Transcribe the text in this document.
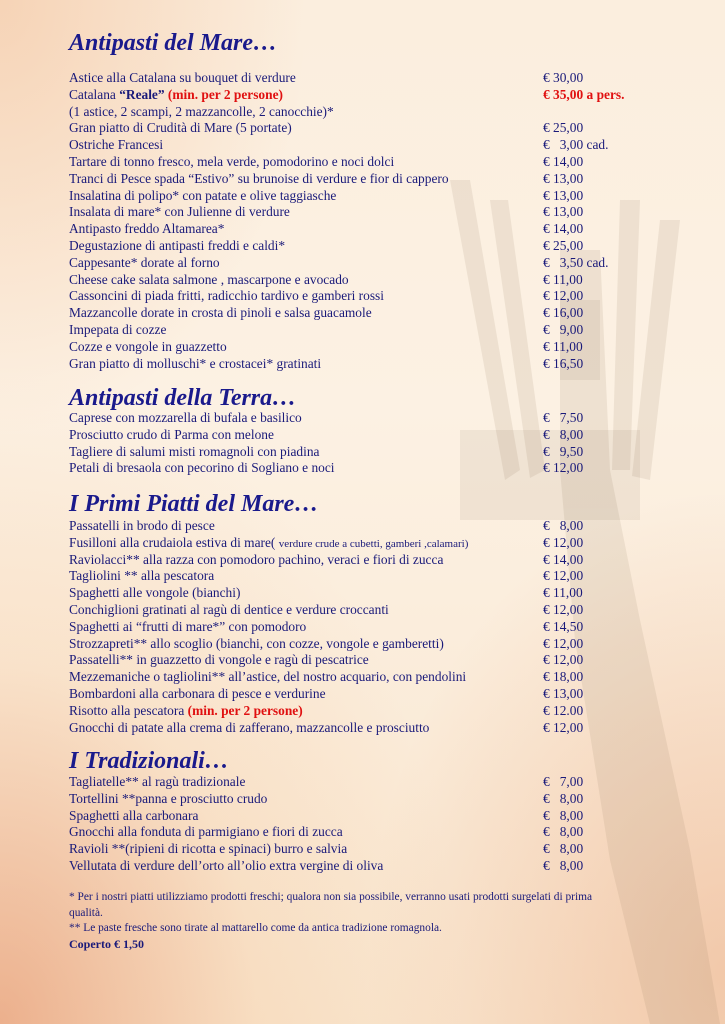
Antipasti del Mare…
Astice alla Catalana su bouquet di verdure	€ 30,00
Catalana “Reale” (min. per 2 persone)	€ 35,00 a pers.
(1 astice, 2 scampi, 2 mazzancolle, 2 canocchie)*
Gran piatto di Crudità di Mare (5 portate)	€ 25,00
Ostriche Francesi	€   3,00 cad.
Tartare di tonno fresco, mela verde, pomodorino e noci dolci	€ 14,00
Tranci di Pesce spada “Estivo” su brunoise di verdure e fior di cappero	€ 13,00
Insalatina di polipo* con patate e olive taggiasche	€ 13,00
Insalata di mare* con Julienne di verdure	€ 13,00
Antipasto freddo Altamarea*	€ 14,00
Degustazione di antipasti freddi e caldi*	€ 25,00
Cappesante* dorate al forno	€   3,50 cad.
Cheese cake salata salmone , mascarpone e avocado	€ 11,00
Cassoncini di piada fritti, radicchio tardivo e gamberi rossi	€ 12,00
Mazzancolle dorate in crosta di pinoli e salsa guacamole	€ 16,00
Impepata di cozze	€   9,00
Cozze e vongole in guazzetto	€ 11,00
Gran piatto di molluschi* e crostacei* gratinati	€ 16,50
Antipasti della Terra…
Caprese con mozzarella di bufala e basilico	€   7,50
Prosciutto crudo di Parma con melone	€   8,00
Tagliere di salumi misti romagnoli con piadina	€   9,50
Petali di bresaola con pecorino di Sogliano e noci	€ 12,00
I Primi Piatti del Mare…
Passatelli in brodo di pesce	€   8,00
Fusilloni alla crudaiola estiva di mare( verdure crude a cubetti, gamberi ,calamari)	€ 12,00
Raviolacci** alla razza con pomodoro pachino, veraci e fiori di zucca	€ 14,00
Tagliolini ** alla pescatora	€ 12,00
Spaghetti alle vongole (bianchi)	€ 11,00
Conchiglioni gratinati al ragù di dentice e verdure croccanti	€ 12,00
Spaghetti ai “frutti di mare*” con pomodoro	€ 14,50
Strozzapreti** allo scoglio (bianchi, con cozze, vongole e gamberetti)	€ 12,00
Passatelli** in guazzetto di vongole e ragù di pescatrice	€ 12,00
Mezzemaniche o tagliolini** all’astice, del nostro acquario, con pendolini	€ 18,00
Bombardoni alla carbonara di pesce e verdurine	€ 13,00
Risotto alla pescatora (min. per 2 persone)	€ 12.00
Gnocchi di patate alla crema di zafferano, mazzancolle e prosciutto	€ 12,00
I Tradizionali…
Tagliatelle** al ragù tradizionale	€   7,00
Tortellini **panna e prosciutto crudo	€   8,00
Spaghetti alla carbonara	€   8,00
Gnocchi alla fonduta di parmigiano e fiori di zucca	€   8,00
Ravioli **(ripieni di ricotta e spinaci) burro e salvia	€   8,00
Vellutata di verdure dell’orto all’olio extra vergine di oliva	€   8,00
* Per i nostri piatti utilizziamo prodotti freschi; qualora non sia possibile, verranno usati prodotti surgelati di prima qualità.
** Le paste fresche sono tirate al mattarello come da antica tradizione romagnola.
Coperto € 1,50
